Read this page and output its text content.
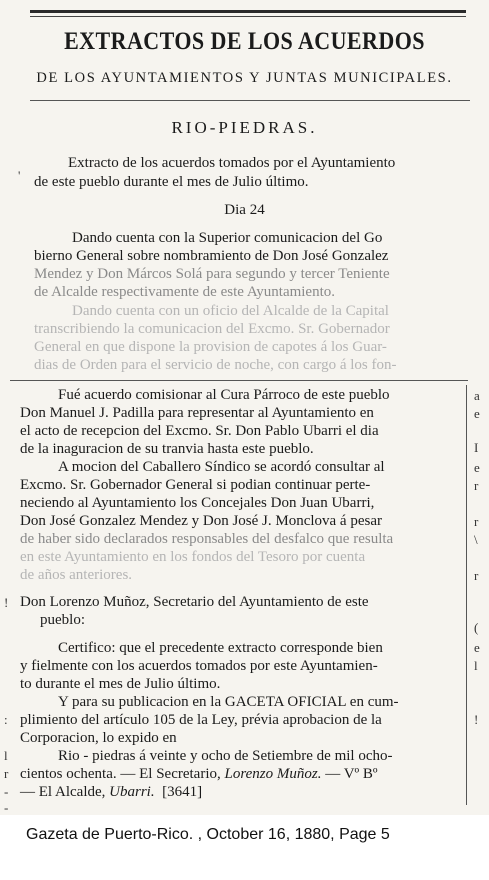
EXTRACTOS DE LOS ACUERDOS
DE LOS AYUNTAMIENTOS Y JUNTAS MUNICIPALES.
RIO-PIEDRAS.
Extracto de los acuerdos tomados por el Ayuntamiento
de este pueblo durante el mes de Julio último.
Dia 24
Dando cuenta con la Superior comunicacion del Go
bierno General sobre nombramiento de Don José Gonzalez
Mendez y Don Márcos Solá para segundo y tercer Teniente
de Alcalde respectivamente de este Ayuntamiento.
Dando cuenta con un oficio del Alcalde de la Capital
transcribiendo la comunicacion del Excmo. Sr. Gobernador
General en que dispone la provision de capotes á los Guar-
dias de Orden para el servicio de noche, con cargo á los fon-
Fué acuerdo comisionar al Cura Párroco de este pueblo
Don Manuel J. Padilla para representar al Ayuntamiento en
el acto de recepcion del Excmo. Sr. Don Pablo Ubarri el dia
de la inaguracion de su tranvia hasta este pueblo.
A mocion del Caballero Síndico se acordó consultar al
Excmo. Sr. Gobernador General si podian continuar perte-
neciendo al Ayuntamiento los Concejales Don Juan Ubarri,
Don José Gonzalez Mendez y Don José J. Monclova á pesar
de haber sido declarados responsables del desfalco que resulta
en este Ayuntamiento en los fondos del Tesoro por cuenta
de años anteriores.
Don Lorenzo Muñoz, Secretario del Ayuntamiento de este
pueblo:
Certifico: que el precedente extracto corresponde bien
y fielmente con los acuerdos tomados por este Ayuntamien-
to durante el mes de Julio último.
Y para su publicacion en la GACETA OFICIAL en cum-
plimiento del artículo 105 de la Ley, prévia aprobacion de la
Corporacion, lo expido en
Rio - piedras á veinte y ocho de Setiembre de mil ocho-
cientos ochenta. — El Secretario, Lorenzo Muñoz. — Vº Bº
— El Alcalde, Ubarri. [3641]
a
e
I
e
r
r
\
r
(
e
l
!
'
!
:
l
r
-
-
Gazeta de Puerto-Rico. , October 16, 1880, Page 5
